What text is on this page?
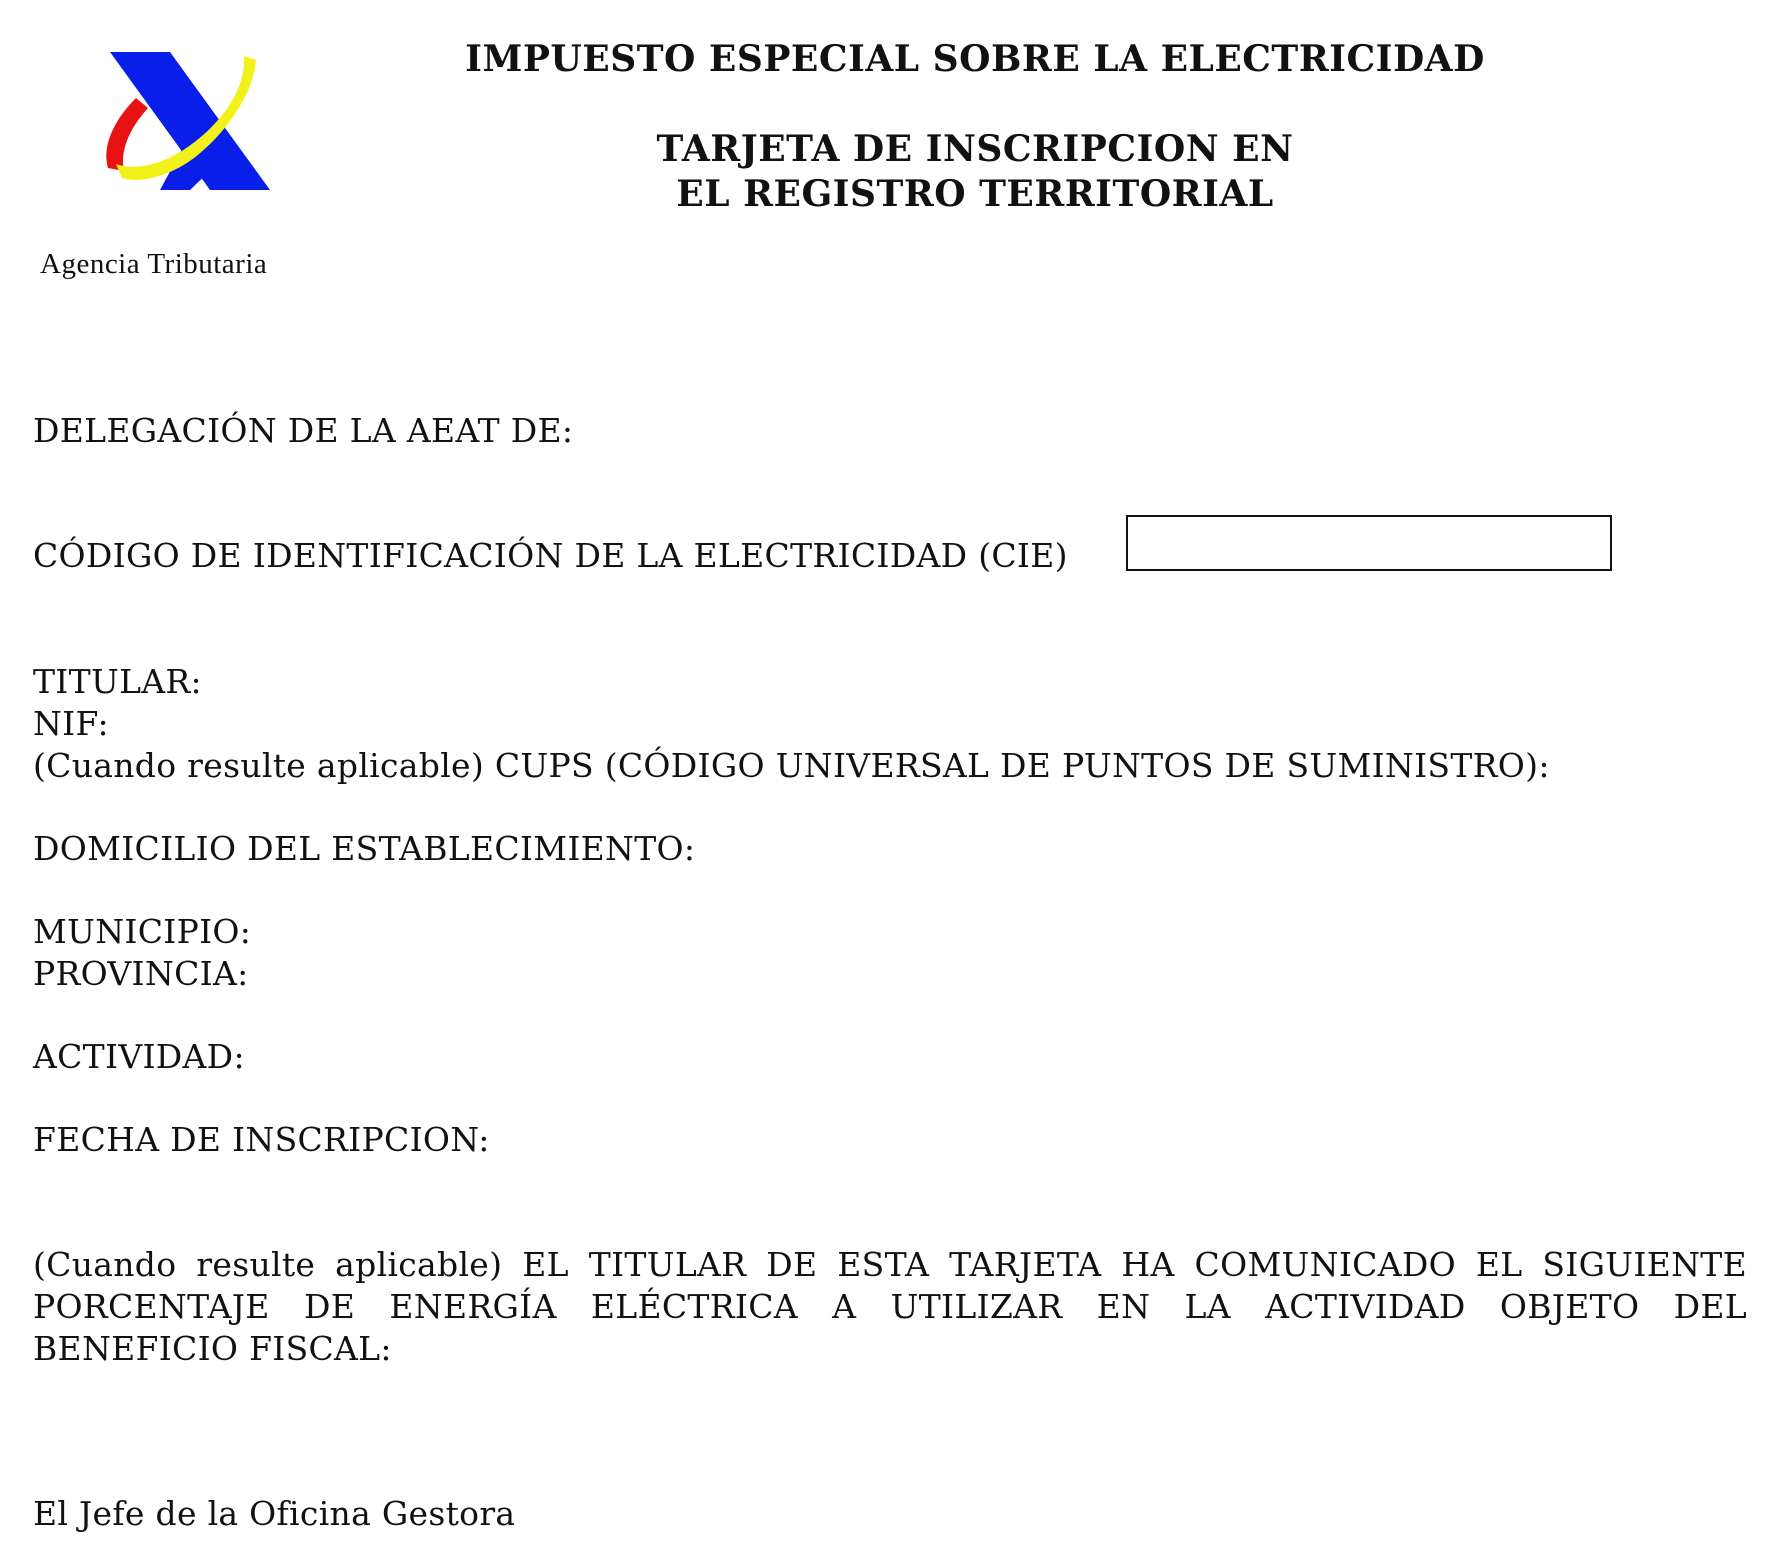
Agencia Tributaria
IMPUESTO ESPECIAL SOBRE LA ELECTRICIDAD
TARJETA DE INSCRIPCION EN
EL REGISTRO TERRITORIAL
DELEGACIÓN DE LA AEAT DE:
CÓDIGO DE IDENTIFICACIÓN DE LA ELECTRICIDAD (CIE)
TITULAR:
NIF:
(Cuando resulte aplicable) CUPS (CÓDIGO UNIVERSAL DE PUNTOS DE SUMINISTRO):
DOMICILIO DEL ESTABLECIMIENTO:
MUNICIPIO:
PROVINCIA:
ACTIVIDAD:
FECHA DE INSCRIPCION:
(Cuando resulte aplicable) EL TITULAR DE ESTA TARJETA HA COMUNICADO EL SIGUIENTE
PORCENTAJE DE ENERGÍA ELÉCTRICA A UTILIZAR EN LA ACTIVIDAD OBJETO DEL
BENEFICIO FISCAL:
El Jefe de la Oficina Gestora
